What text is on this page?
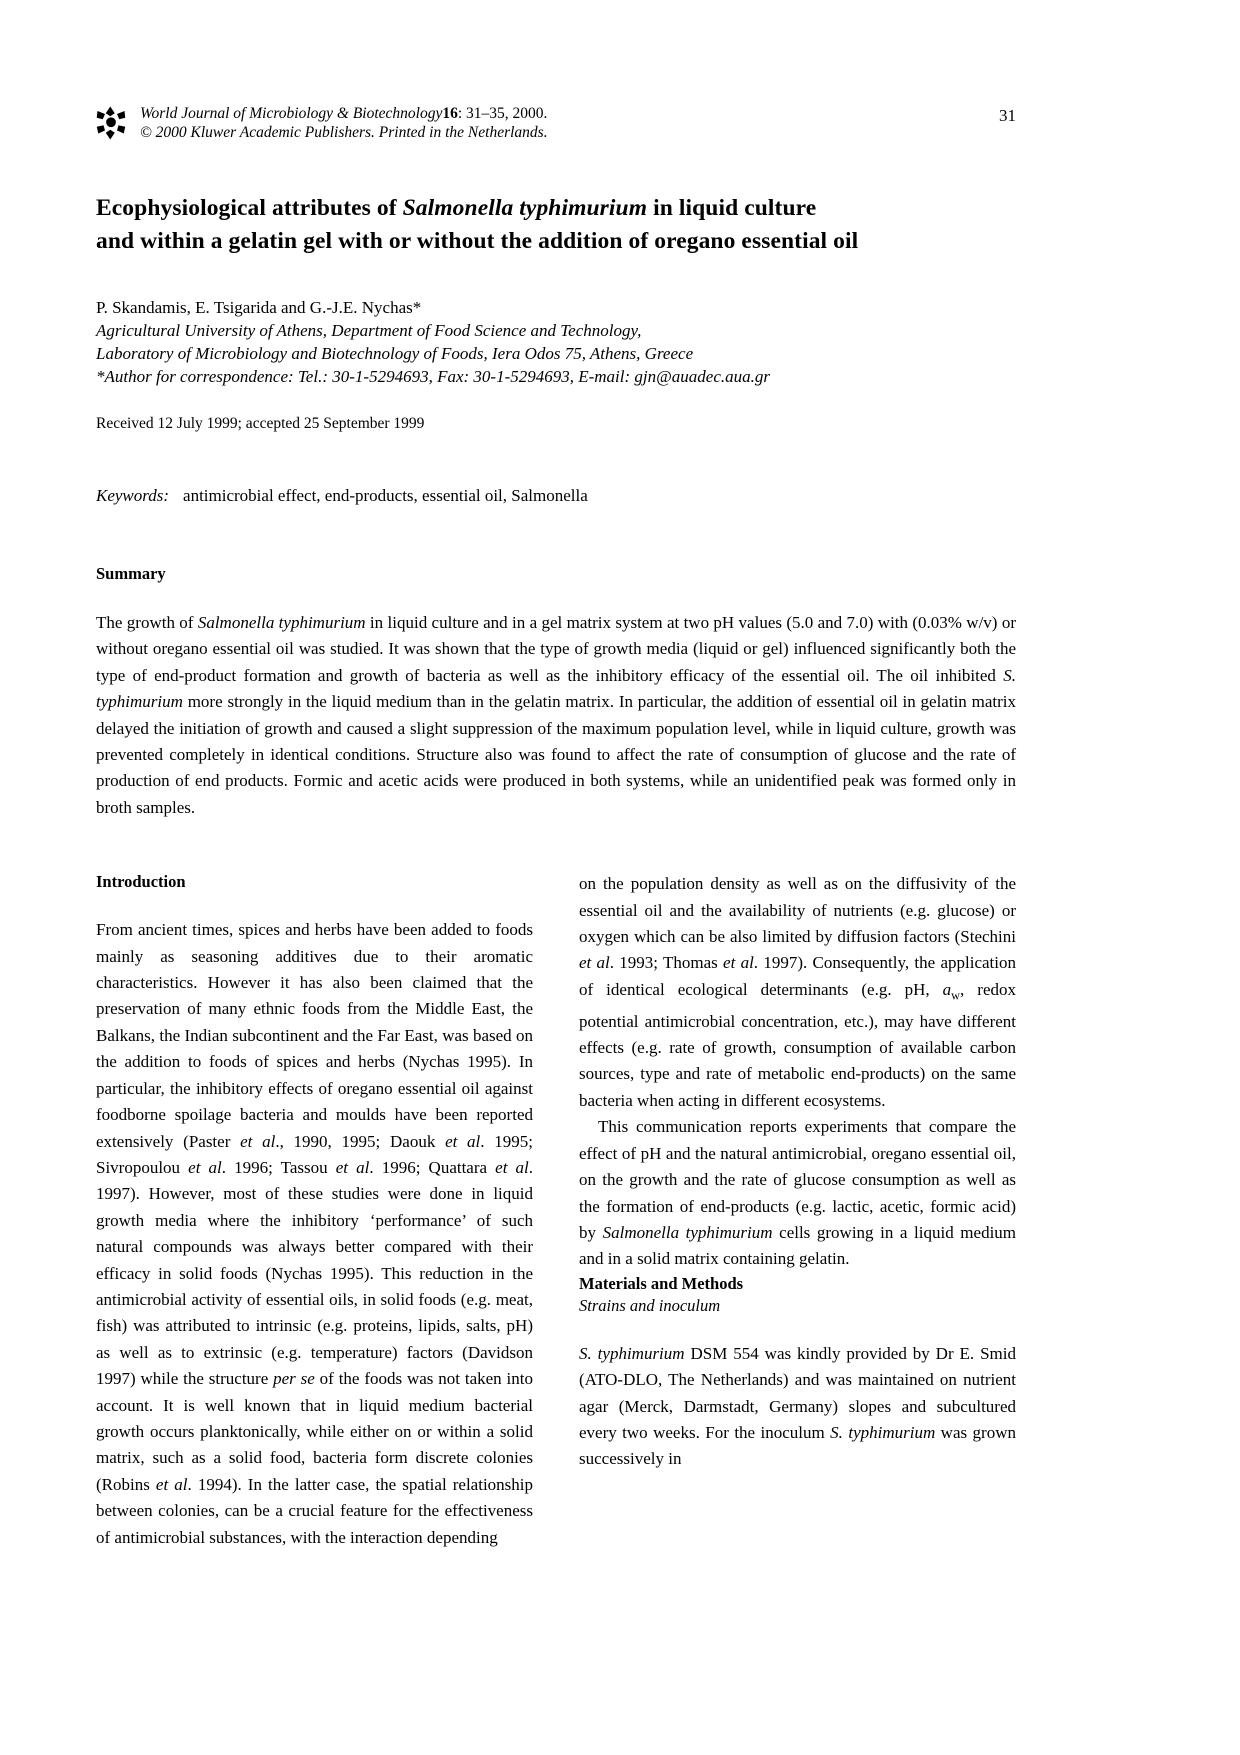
World Journal of Microbiology & Biotechnology16: 31–35, 2000.
© 2000 Kluwer Academic Publishers. Printed in the Netherlands.
31
Ecophysiological attributes of Salmonella typhimurium in liquid culture
and within a gelatin gel with or without the addition of oregano essential oil
P. Skandamis, E. Tsigarida and G.-J.E. Nychas*
Agricultural University of Athens, Department of Food Science and Technology,
Laboratory of Microbiology and Biotechnology of Foods, Iera Odos 75, Athens, Greece
*Author for correspondence: Tel.: 30-1-5294693, Fax: 30-1-5294693, E-mail: gjn@auadec.aua.gr
Received 12 July 1999; accepted 25 September 1999
Keywords: antimicrobial effect, end-products, essential oil, Salmonella
Summary
The growth of Salmonella typhimurium in liquid culture and in a gel matrix system at two pH values (5.0 and 7.0) with (0.03% w/v) or without oregano essential oil was studied. It was shown that the type of growth media (liquid or gel) influenced significantly both the type of end-product formation and growth of bacteria as well as the inhibitory efficacy of the essential oil. The oil inhibited S. typhimurium more strongly in the liquid medium than in the gelatin matrix. In particular, the addition of essential oil in gelatin matrix delayed the initiation of growth and caused a slight suppression of the maximum population level, while in liquid culture, growth was prevented completely in identical conditions. Structure also was found to affect the rate of consumption of glucose and the rate of production of end products. Formic and acetic acids were produced in both systems, while an unidentified peak was formed only in broth samples.
Introduction

From ancient times, spices and herbs have been added to foods mainly as seasoning additives due to their aromatic characteristics. However it has also been claimed that the preservation of many ethnic foods from the Middle East, the Balkans, the Indian subcontinent and the Far East, was based on the addition to foods of spices and herbs (Nychas 1995). In particular, the inhibitory effects of oregano essential oil against foodborne spoilage bacteria and moulds have been reported extensively (Paster et al., 1990, 1995; Daouk et al. 1995; Sivropoulou et al. 1996; Tassou et al. 1996; Quattara et al. 1997). However, most of these studies were done in liquid growth media where the inhibitory ‘performance’ of such natural compounds was always better compared with their efficacy in solid foods (Nychas 1995). This reduction in the antimicrobial activity of essential oils, in solid foods (e.g. meat, fish) was attributed to intrinsic (e.g. proteins, lipids, salts, pH) as well as to extrinsic (e.g. temperature) factors (Davidson 1997) while the structure per se of the foods was not taken into account. It is well known that in liquid medium bacterial growth occurs planktonically, while either on or within a solid matrix, such as a solid food, bacteria form discrete colonies (Robins et al. 1994). In the latter case, the spatial relationship between colonies, can be a crucial feature for the effectiveness of antimicrobial substances, with the interaction depending

on the population density as well as on the diffusivity of the essential oil and the availability of nutrients (e.g. glucose) or oxygen which can be also limited by diffusion factors (Stechini et al. 1993; Thomas et al. 1997). Consequently, the application of identical ecological determinants (e.g. pH, $a_w$, redox potential antimicrobial concentration, etc.), may have different effects (e.g. rate of growth, consumption of available carbon sources, type and rate of metabolic end-products) on the same bacteria when acting in different ecosystems.

This communication reports experiments that compare the effect of pH and the natural antimicrobial, oregano essential oil, on the growth and the rate of glucose consumption as well as the formation of end-products (e.g. lactic, acetic, formic acid) by Salmonella typhimurium cells growing in a liquid medium and in a solid matrix containing gelatin.

Materials and Methods
Strains and inoculum

S. typhimurium DSM 554 was kindly provided by Dr E. Smid (ATO-DLO, The Netherlands) and was maintained on nutrient agar (Merck, Darmstadt, Germany) slopes and subcultured every two weeks. For the inoculum S. typhimurium was grown successively in
